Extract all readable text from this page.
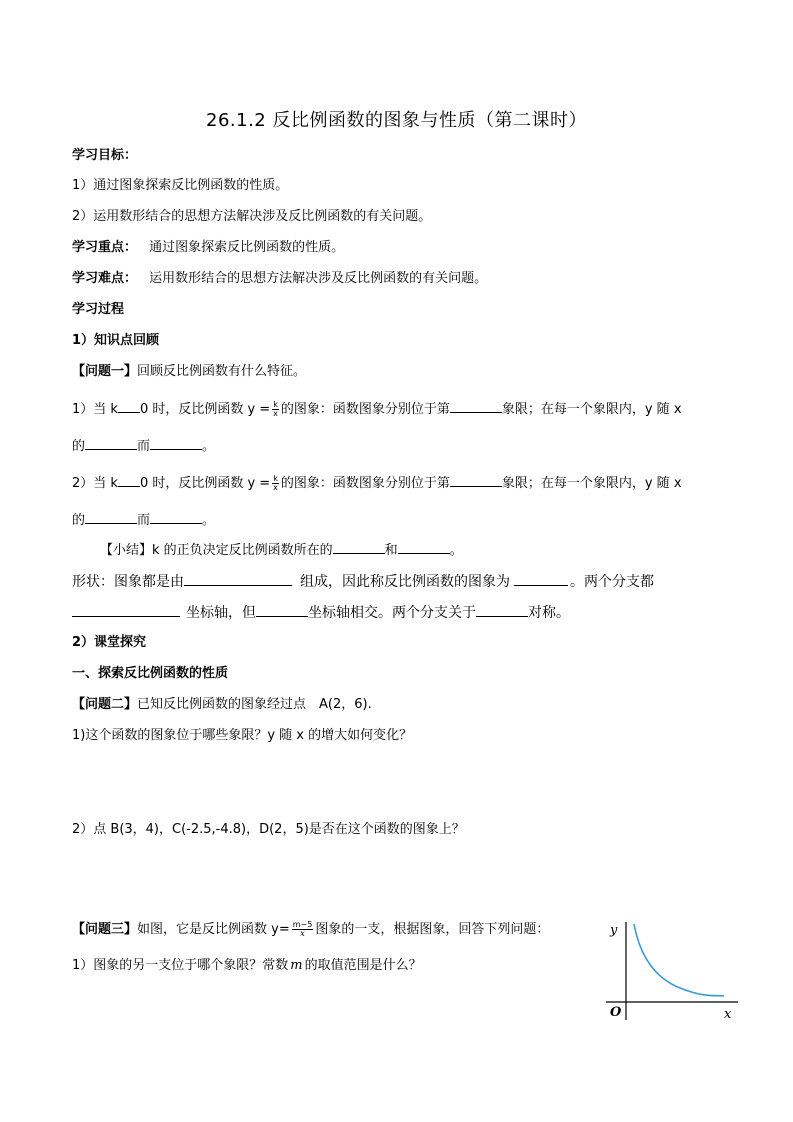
26.1.2 反比例函数的图象与性质（第二课时）
学习目标：
1）通过图象探索反比例函数的性质。
2）运用数形结合的思想方法解决涉及反比例函数的有关问题。
学习重点： 通过图象探索反比例函数的性质。
学习难点： 运用数形结合的思想方法解决涉及反比例函数的有关问题。
学习过程
1）知识点回顾
【问题一】回顾反比例函数有什么特征。
1）当 k 0 时，反比例函数 $y = \frac{k}{x}$ 的图象：函数图象分别位于第	象限；在每一个象限内，y 随 x
的	而	。
2）当 k 0 时，反比例函数 $y = \frac{k}{x}$ 的图象：函数图象分别位于第	象限；在每一个象限内，y 随 x
的	而	。
【小结】k 的正负决定反比例函数所在的	和	。
形状：图象都是由	组成，因此称反比例函数的图象为	。两个分支都
坐标轴，但	坐标轴相交。两个分支关于	对称。
2）课堂探究
一、探索反比例函数的性质
【问题二】已知反比例函数的图象经过点　A(2，6).
1)这个函数的图象位于哪些象限？y 随 x 的增大如何变化？
2）点 B(3，4)，C(-2.5,-4.8)，D(2，5)是否在这个函数的图象上？
【问题三】如图，它是反比例函数 $y= \frac{m-5}{x}$ 图象的一支，根据图象，回答下列问题：
1）图象的另一支位于哪个象限？常数 m 的取值范围是什么？
y
x
O
